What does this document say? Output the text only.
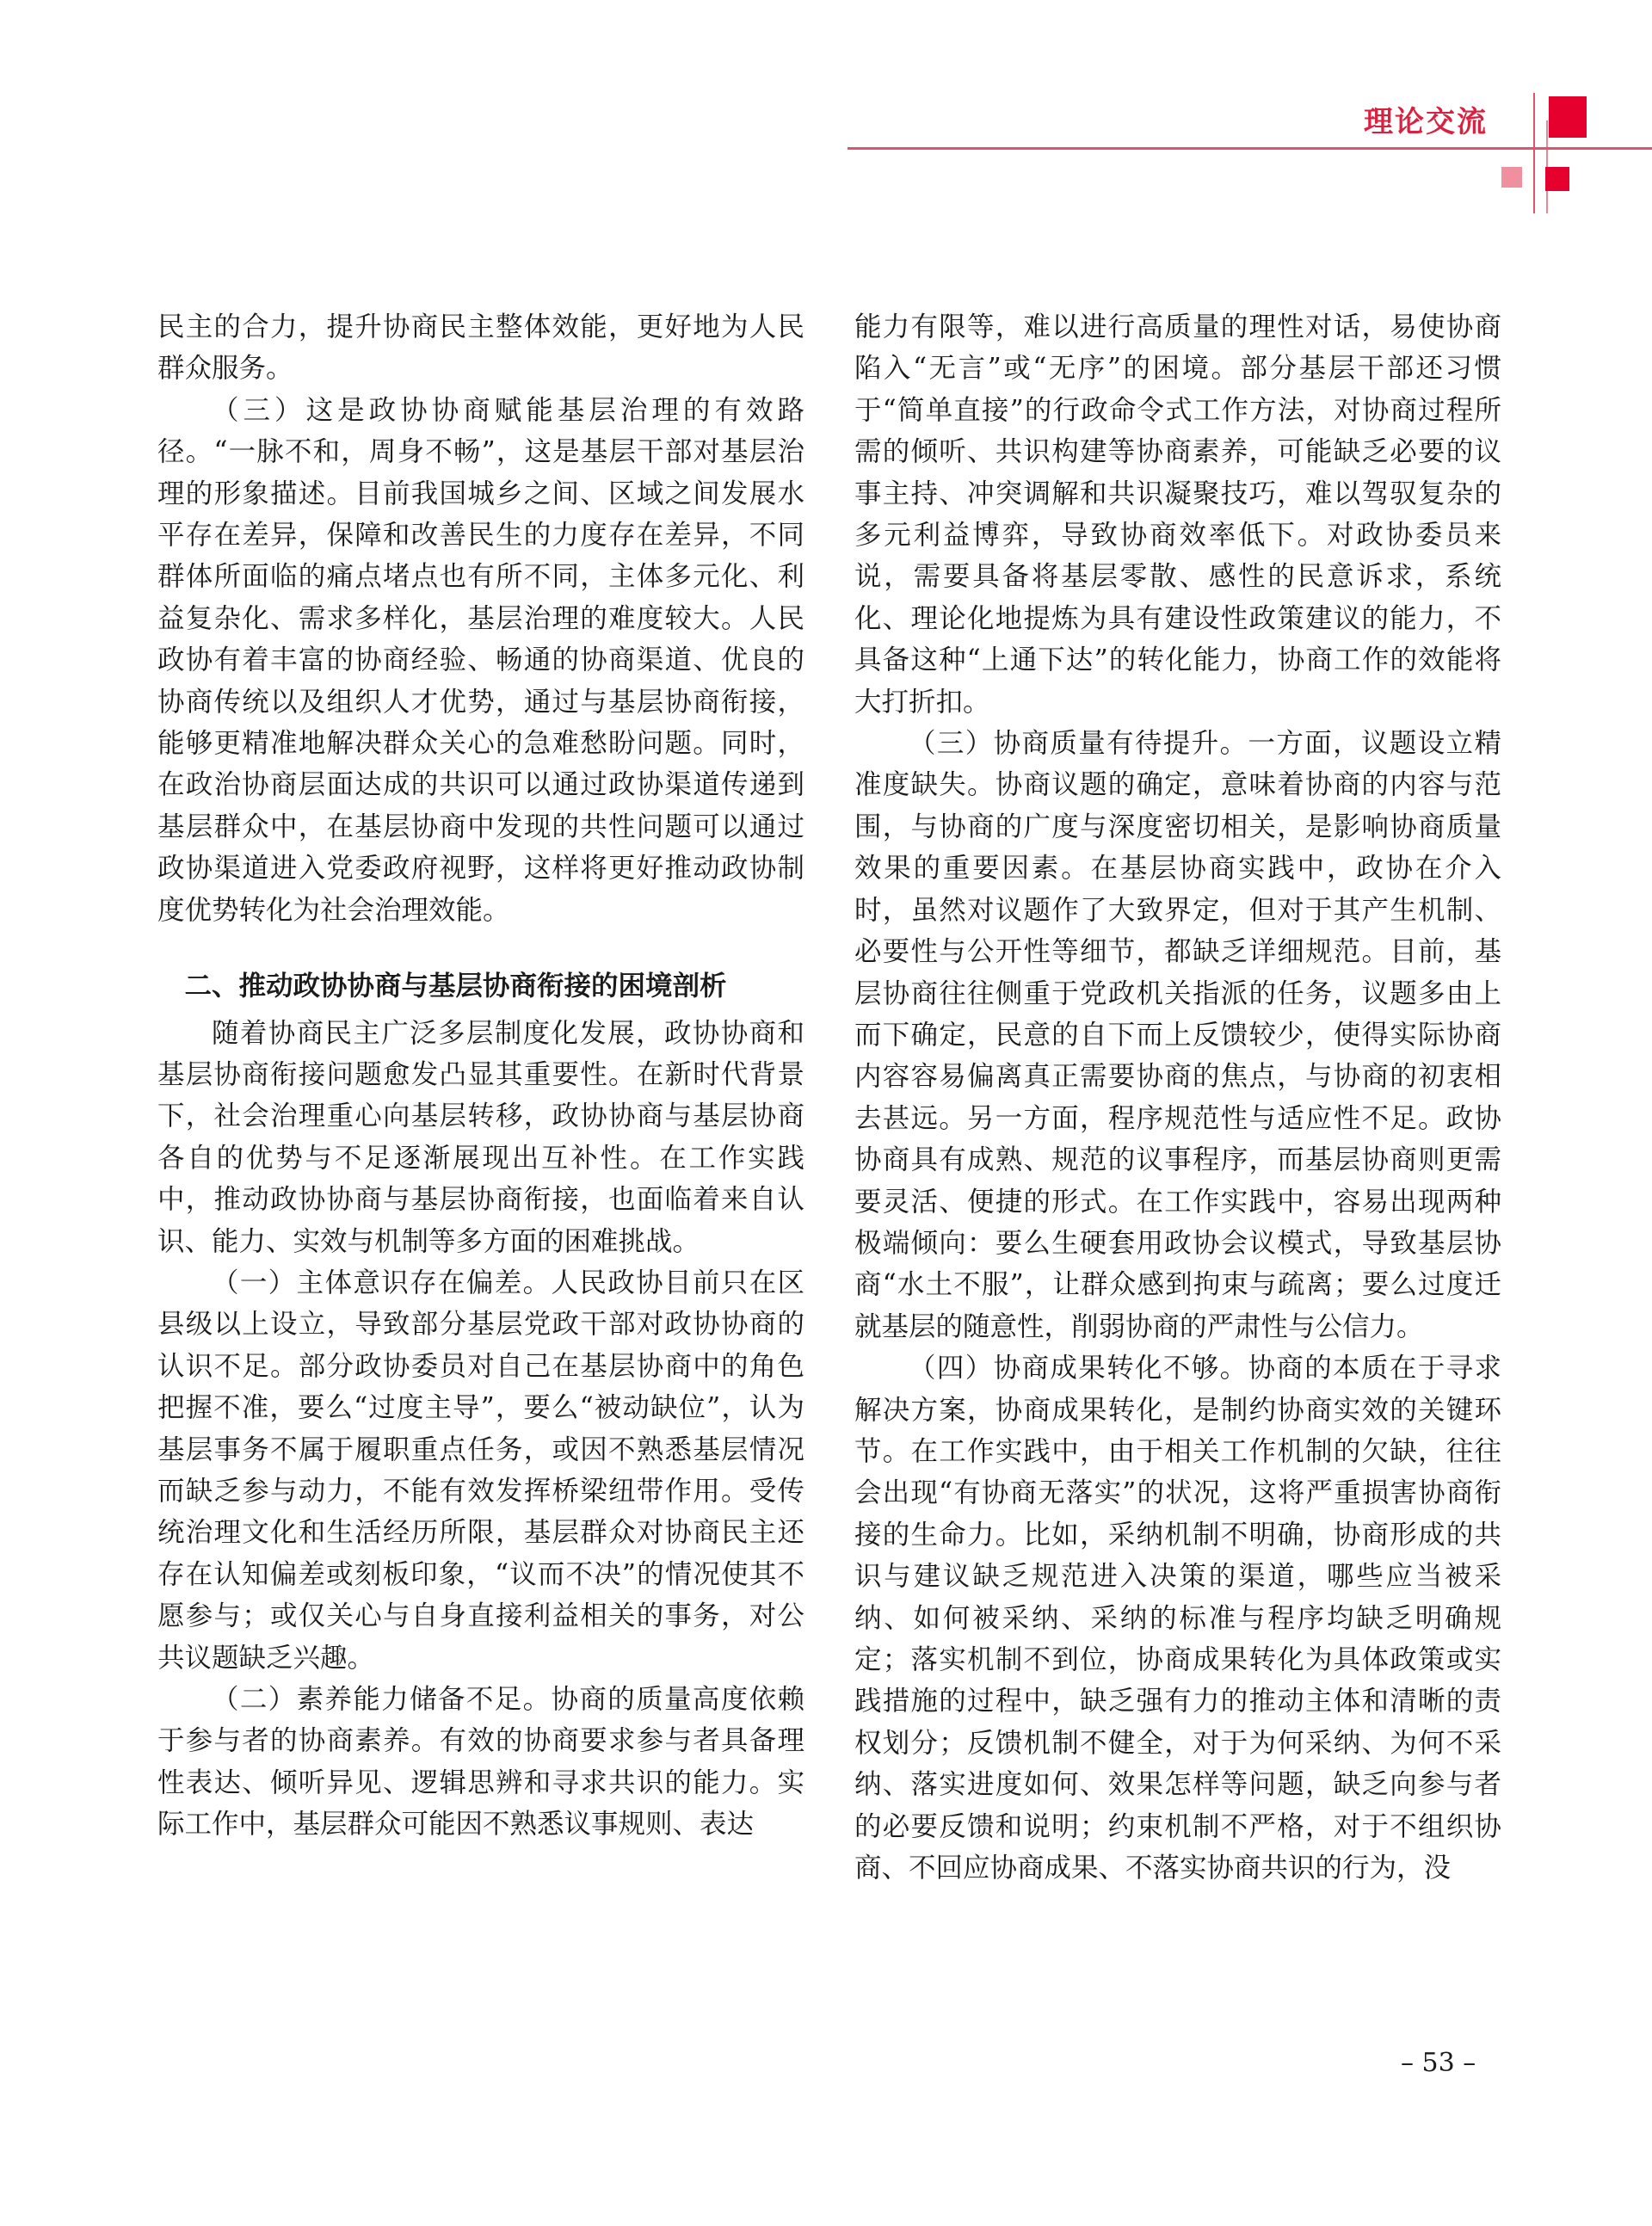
理论交流

民主的合力，提升协商民主整体效能，更好地为人民群众服务。

（三）这是政协协商赋能基层治理的有效路径。“一脉不和，周身不畅”，这是基层干部对基层治理的形象描述。目前我国城乡之间、区域之间发展水平存在差异，保障和改善民生的力度存在差异，不同群体所面临的痛点堵点也有所不同，主体多元化、利益复杂化、需求多样化，基层治理的难度较大。人民政协有着丰富的协商经验、畅通的协商渠道、优良的协商传统以及组织人才优势，通过与基层协商衔接，能够更精准地解决群众关心的急难愁盼问题。同时，在政治协商层面达成的共识可以通过政协渠道传递到基层群众中，在基层协商中发现的共性问题可以通过政协渠道进入党委政府视野，这样将更好推动政协制度优势转化为社会治理效能。

二、推动政协协商与基层协商衔接的困境剖析

随着协商民主广泛多层制度化发展，政协协商和基层协商衔接问题愈发凸显其重要性。在新时代背景下，社会治理重心向基层转移，政协协商与基层协商各自的优势与不足逐渐展现出互补性。在工作实践中，推动政协协商与基层协商衔接，也面临着来自认识、能力、实效与机制等多方面的困难挑战。

（一）主体意识存在偏差。人民政协目前只在区县级以上设立，导致部分基层党政干部对政协协商的认识不足。部分政协委员对自己在基层协商中的角色把握不准，要么“过度主导”，要么“被动缺位”，认为基层事务不属于履职重点任务，或因不熟悉基层情况而缺乏参与动力，不能有效发挥桥梁纽带作用。受传统治理文化和生活经历所限，基层群众对协商民主还存在认知偏差或刻板印象，“议而不决”的情况使其不愿参与；或仅关心与自身直接利益相关的事务，对公共议题缺乏兴趣。

（二）素养能力储备不足。协商的质量高度依赖于参与者的协商素养。有效的协商要求参与者具备理性表达、倾听异见、逻辑思辨和寻求共识的能力。实际工作中，基层群众可能因不熟悉议事规则、表达

能力有限等，难以进行高质量的理性对话，易使协商陷入“无言”或“无序”的困境。部分基层干部还习惯于“简单直接”的行政命令式工作方法，对协商过程所需的倾听、共识构建等协商素养，可能缺乏必要的议事主持、冲突调解和共识凝聚技巧，难以驾驭复杂的多元利益博弈，导致协商效率低下。对政协委员来说，需要具备将基层零散、感性的民意诉求，系统化、理论化地提炼为具有建设性政策建议的能力，不具备这种“上通下达”的转化能力，协商工作的效能将大打折扣。

（三）协商质量有待提升。一方面，议题设立精准度缺失。协商议题的确定，意味着协商的内容与范围，与协商的广度与深度密切相关，是影响协商质量效果的重要因素。在基层协商实践中，政协在介入时，虽然对议题作了大致界定，但对于其产生机制、必要性与公开性等细节，都缺乏详细规范。目前，基层协商往往侧重于党政机关指派的任务，议题多由上而下确定，民意的自下而上反馈较少，使得实际协商内容容易偏离真正需要协商的焦点，与协商的初衷相去甚远。另一方面，程序规范性与适应性不足。政协协商具有成熟、规范的议事程序，而基层协商则更需要灵活、便捷的形式。在工作实践中，容易出现两种极端倾向：要么生硬套用政协会议模式，导致基层协商“水土不服”，让群众感到拘束与疏离；要么过度迁就基层的随意性，削弱协商的严肃性与公信力。

（四）协商成果转化不够。协商的本质在于寻求解决方案，协商成果转化，是制约协商实效的关键环节。在工作实践中，由于相关工作机制的欠缺，往往会出现“有协商无落实”的状况，这将严重损害协商衔接的生命力。比如，采纳机制不明确，协商形成的共识与建议缺乏规范进入决策的渠道，哪些应当被采纳、如何被采纳、采纳的标准与程序均缺乏明确规定；落实机制不到位，协商成果转化为具体政策或实践措施的过程中，缺乏强有力的推动主体和清晰的责权划分；反馈机制不健全，对于为何采纳、为何不采纳、落实进度如何、效果怎样等问题，缺乏向参与者的必要反馈和说明；约束机制不严格，对于不组织协商、不回应协商成果、不落实协商共识的行为，没

– 53 –
